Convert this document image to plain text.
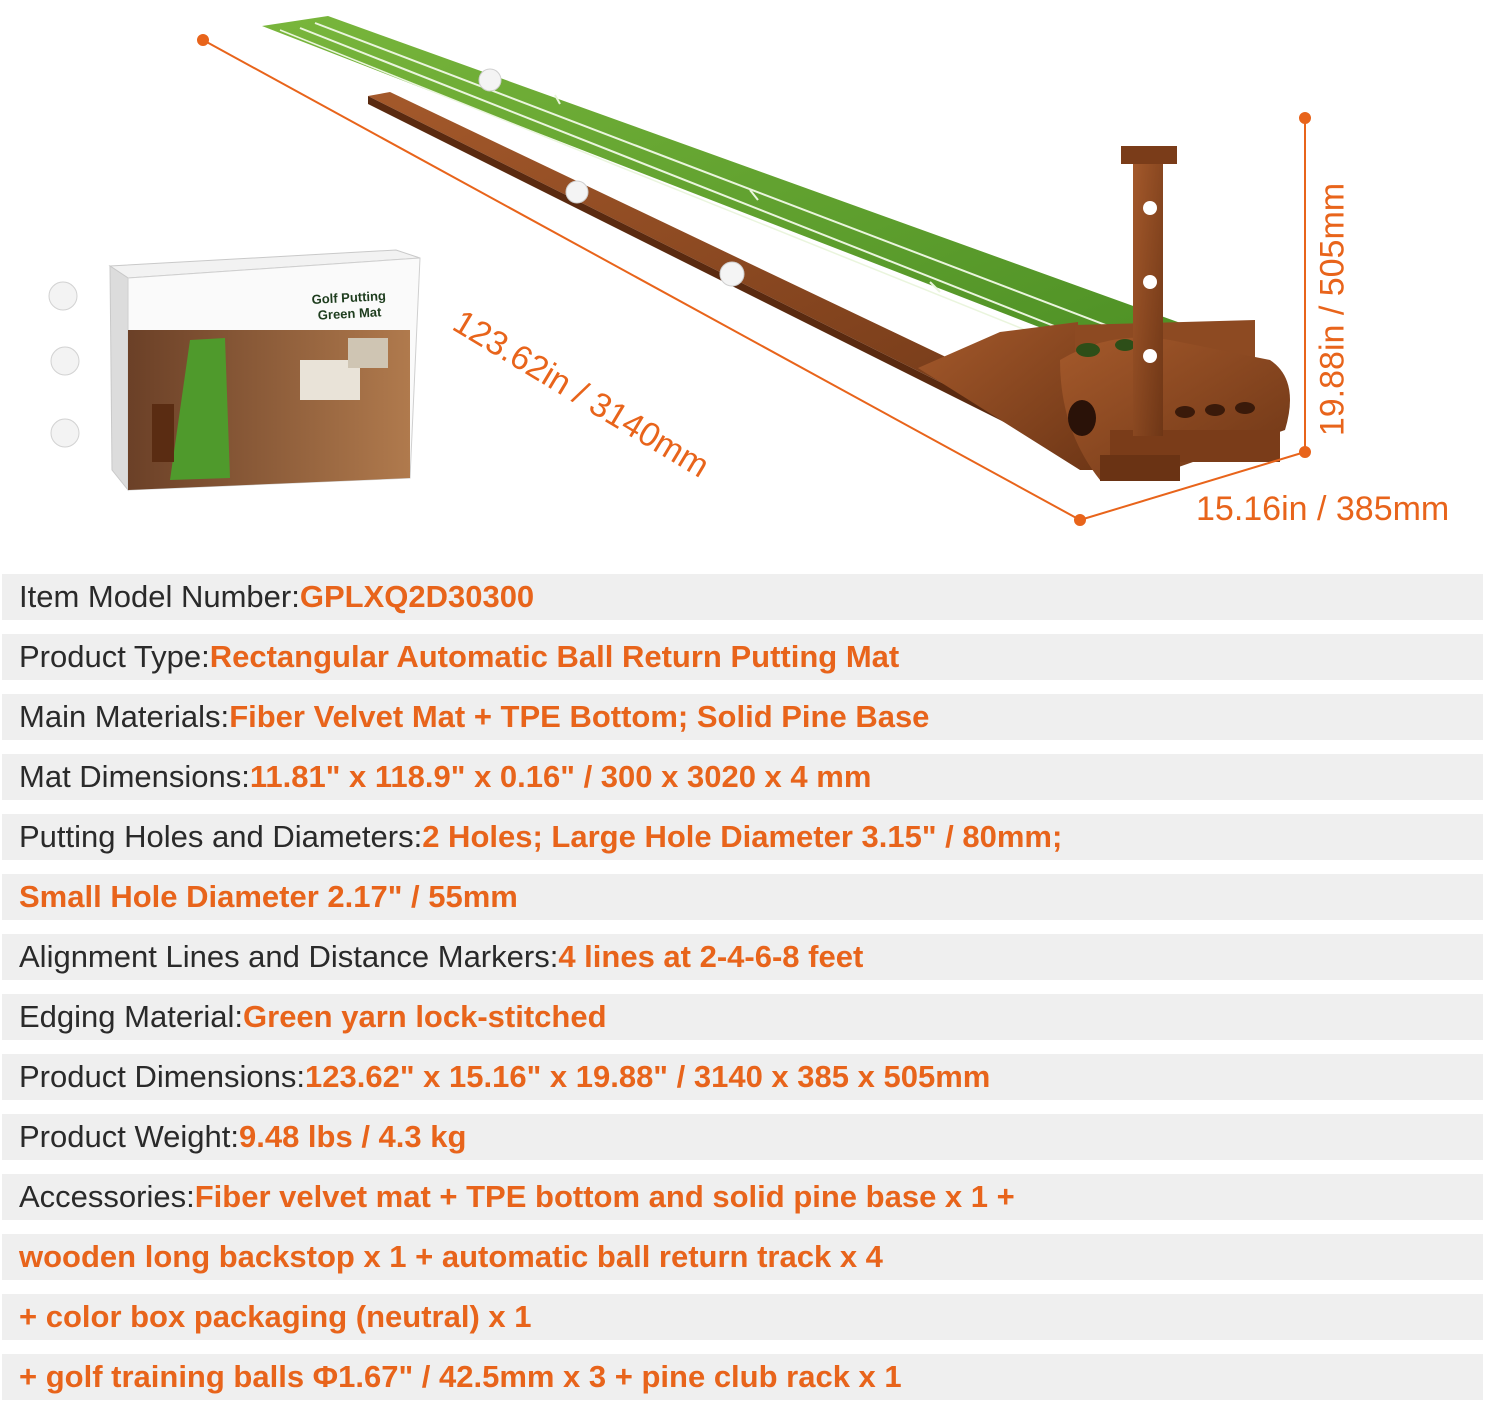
Golf Putting
Green Mat 123.62in / 3140mm	19.88in / 505mm
15.16in / 385mm
Item Model Number: GPLXQ2D30300
Product Type: Rectangular Automatic Ball Return Putting Mat
Main Materials: Fiber Velvet Mat + TPE Bottom; Solid Pine Base
Mat Dimensions: 11.81" x 118.9" x 0.16" / 300 x 3020 x 4 mm
Putting Holes and Diameters: 2 Holes; Large Hole Diameter 3.15" / 80mm;
Small Hole Diameter 2.17" / 55mm
Alignment Lines and Distance Markers: 4 lines at 2-4-6-8 feet
Edging Material: Green yarn lock-stitched
Product Dimensions: 123.62" x 15.16" x 19.88" / 3140 x 385 x 505mm
Product Weight: 9.48 lbs / 4.3 kg
Accessories: Fiber velvet mat + TPE bottom and solid pine base x 1 +
wooden long backstop x 1 + automatic ball return track x 4
+ color box packaging (neutral) x 1
+ golf training balls Φ1.67" / 42.5mm x 3 + pine club rack x 1
